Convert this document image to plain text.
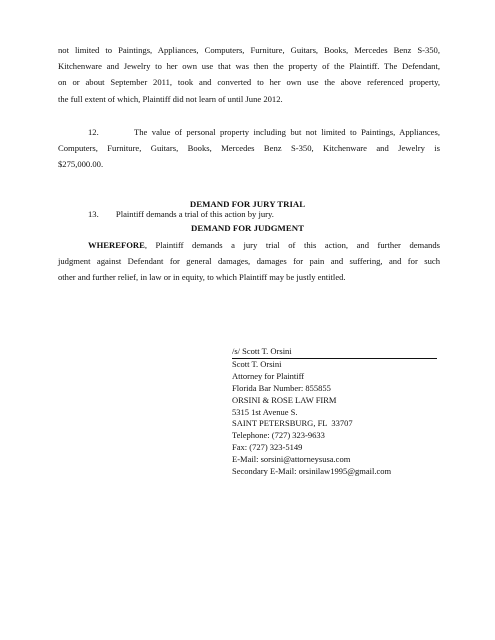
not limited to Paintings, Appliances, Computers, Furniture, Guitars, Books, Mercedes Benz S-350,
Kitchenware and Jewelry to her own use that was then the property of the Plaintiff. The Defendant,
on or about September 2011, took and converted to her own use the above referenced property,
the full extent of which, Plaintiff did not learn of until June 2012.
12.        The value of personal property including but not limited to Paintings, Appliances,
Computers, Furniture, Guitars, Books, Mercedes Benz S-350, Kitchenware and Jewelry is
$275,000.00.
DEMAND FOR JURY TRIAL
13.        Plaintiff demands a trial of this action by jury.
DEMAND FOR JUDGMENT
WHEREFORE, Plaintiff demands a jury trial of this action, and further demands
judgment against Defendant for general damages, damages for pain and suffering, and for such
other and further relief, in law or in equity, to which Plaintiff may be justly entitled.
/s/ Scott T. Orsini
Scott T. Orsini
Attorney for Plaintiff
Florida Bar Number: 855855
ORSINI & ROSE LAW FIRM
5315 1st Avenue S.
SAINT PETERSBURG, FL  33707
Telephone: (727) 323-9633
Fax: (727) 323-5149
E-Mail: sorsini@attorneysusa.com
Secondary E-Mail: orsinilaw1995@gmail.com
